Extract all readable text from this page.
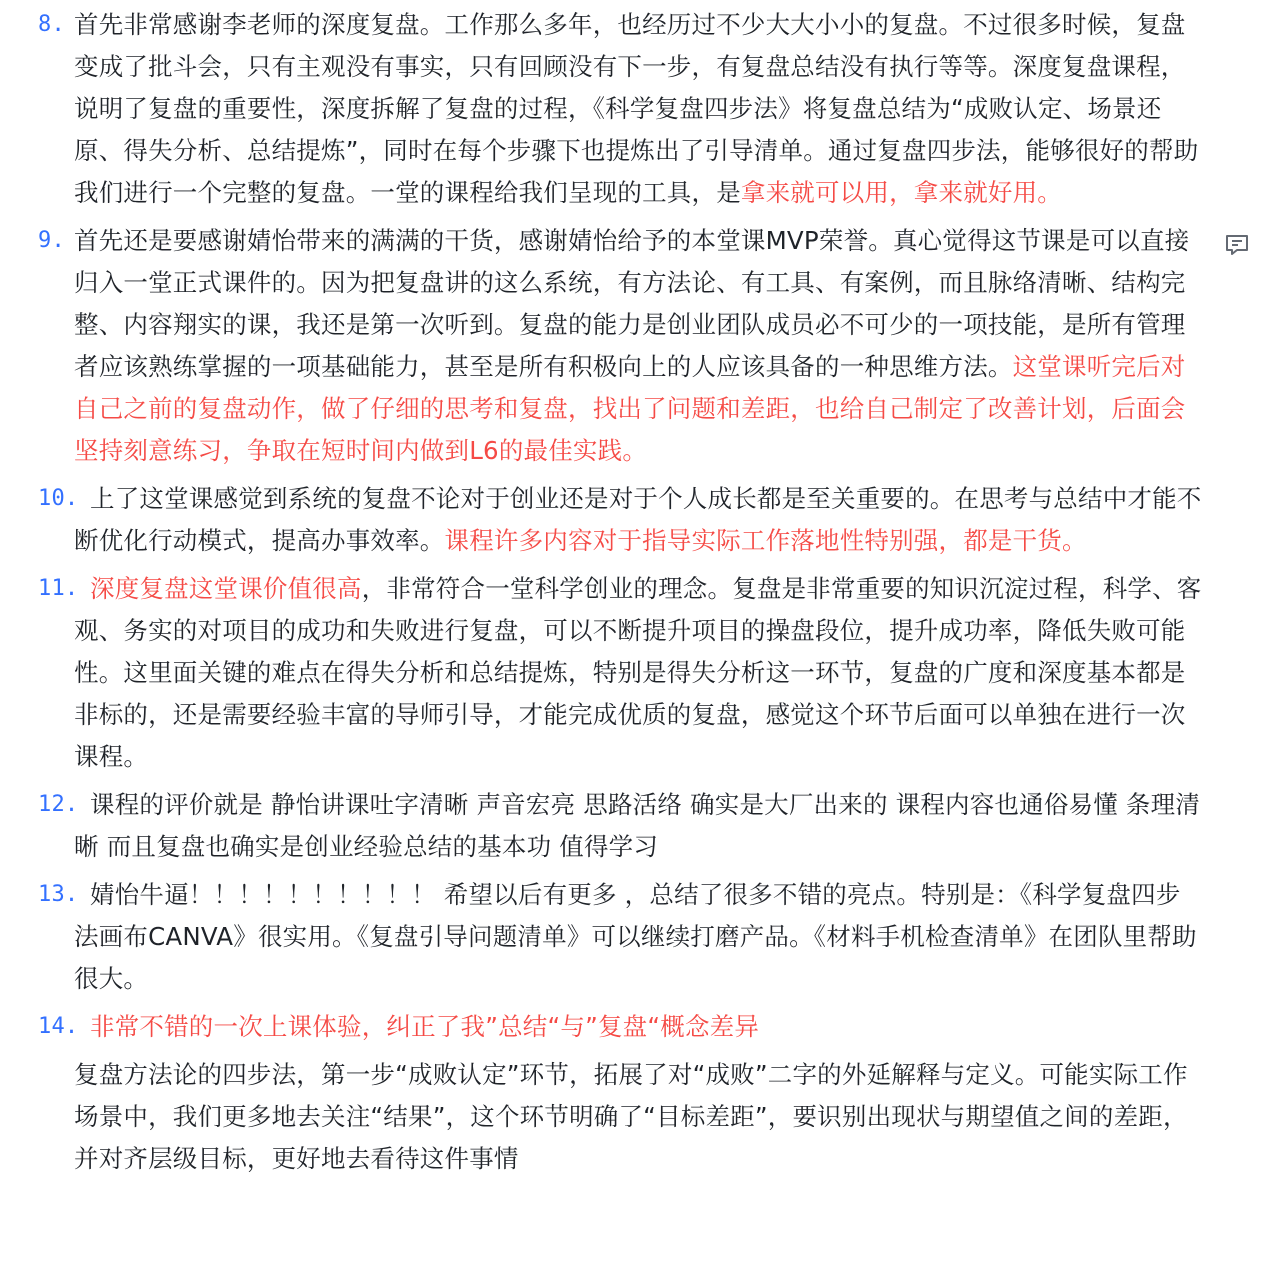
8. 首先非常感谢李老师的深度复盘。工作那么多年，也经历过不少大大小小的复盘。不过很多时候，复盘变成了批斗会，只有主观没有事实，只有回顾没有下一步，有复盘总结没有执行等等。深度复盘课程，说明了复盘的重要性，深度拆解了复盘的过程，《科学复盘四步法》将复盘总结为“成败认定、场景还原、得失分析、总结提炼”，同时在每个步骤下也提炼出了引导清单。通过复盘四步法，能够很好的帮助我们进行一个完整的复盘。一堂的课程给我们呈现的工具，是拿来就可以用，拿来就好用。
9. 首先还是要感谢婧怡带来的满满的干货，感谢婧怡给予的本堂课MVP荣誉。真心觉得这节课是可以直接归入一堂正式课件的。因为把复盘讲的这么系统，有方法论、有工具、有案例，而且脉络清晰、结构完整、内容翔实的课，我还是第一次听到。复盘的能力是创业团队成员必不可少的一项技能，是所有管理者应该熟练掌握的一项基础能力，甚至是所有积极向上的人应该具备的一种思维方法。这堂课听完后对自己之前的复盘动作，做了仔细的思考和复盘，找出了问题和差距，也给自己制定了改善计划，后面会坚持刻意练习，争取在短时间内做到L6的最佳实践。
10. 上了这堂课感觉到系统的复盘不论对于创业还是对于个人成长都是至关重要的。在思考与总结中才能不断优化行动模式，提高办事效率。课程许多内容对于指导实际工作落地性特别强，都是干货。
11. 深度复盘这堂课价值很高，非常符合一堂科学创业的理念。复盘是非常重要的知识沉淀过程，科学、客观、务实的对项目的成功和失败进行复盘，可以不断提升项目的操盘段位，提升成功率，降低失败可能性。这里面关键的难点在得失分析和总结提炼，特别是得失分析这一环节，复盘的广度和深度基本都是非标的，还是需要经验丰富的导师引导，才能完成优质的复盘，感觉这个环节后面可以单独在进行一次课程。
12. 课程的评价就是 静怡讲课吐字清晰 声音宏亮 思路活络 确实是大厂出来的 课程内容也通俗易懂 条理清晰 而且复盘也确实是创业经验总结的基本功 值得学习
13. 婧怡牛逼！！！！！！！！！！ 希望以后有更多 ，总结了很多不错的亮点。特别是：《科学复盘四步法画布CANVA》很实用。《复盘引导问题清单》可以继续打磨产品。《材料手机检查清单》在团队里帮助很大。
14. 非常不错的一次上课体验，纠正了我”总结“与”复盘“概念差异
复盘方法论的四步法，第一步“成败认定”环节，拓展了对“成败”二字的外延解释与定义。可能实际工作场景中，我们更多地去关注“结果”，这个环节明确了“目标差距”，要识别出现状与期望值之间的差距，并对齐层级目标，更好地去看待这件事情
